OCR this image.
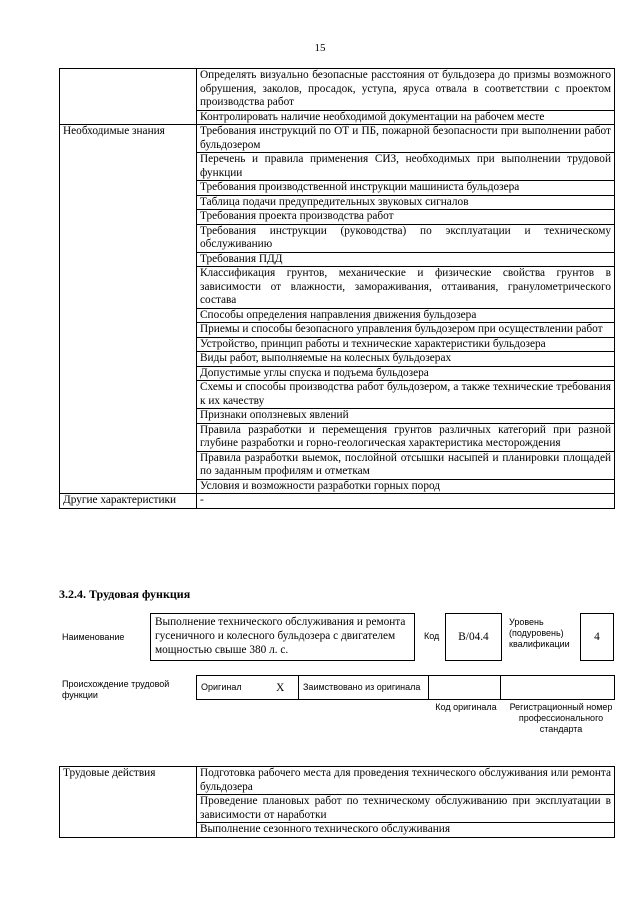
15
	Определять визуально безопасные расстояния от бульдозера до призмы возможного обрушения, заколов, просадок, уступа, яруса отвала в соответствии с проектом производства работ
	Контролировать наличие необходимой документации на рабочем месте
Необходимые знания	Требования инструкций по ОТ и ПБ, пожарной безопасности при выполнении работ бульдозером
	Перечень и правила применения СИЗ, необходимых при выполнении трудовой функции
	Требования производственной инструкции машиниста бульдозера
	Таблица подачи предупредительных звуковых сигналов
	Требования проекта производства работ
	Требования инструкции (руководства) по эксплуатации и техническому обслуживанию
	Требования ПДД
	Классификация грунтов, механические и физические свойства грунтов в зависимости от влажности, замораживания, оттаивания, гранулометрического состава
	Способы определения направления движения бульдозера
	Приемы и способы безопасного управления бульдозером при осуществлении работ
	Устройство, принцип работы и технические характеристики бульдозера
	Виды работ, выполняемые на колесных бульдозерах
	Допустимые углы спуска и подъема бульдозера
	Схемы и способы производства работ бульдозером, а также технические требования к их качеству
	Признаки оползневых явлений
	Правила разработки и перемещения грунтов различных категорий при разной глубине разработки и горно-геологическая характеристика месторождения
	Правила разработки выемок, послойной отсышки насыпей и планировки площадей по заданным профилям и отметкам
	Условия и возможности разработки горных пород
Другие характеристики	-
3.2.4. Трудовая функция
Наименование
Выполнение технического обслуживания и ремонта гусеничного и колесного бульдозера с двигателем мощностью свыше 380 л. с.
Код	В/04.4
Уровень (подуровень) квалификации
4
Происхождение трудовой функции
Оригинал	X	Заимствовано из оригинала		
Код оригинала	Регистрационный номер профессионального стандарта
Трудовые действия	Подготовка рабочего места для проведения технического обслуживания или ремонта бульдозера
Проведение плановых работ по техническому обслуживанию при эксплуатации в зависимости от наработки
Выполнение сезонного технического обслуживания
